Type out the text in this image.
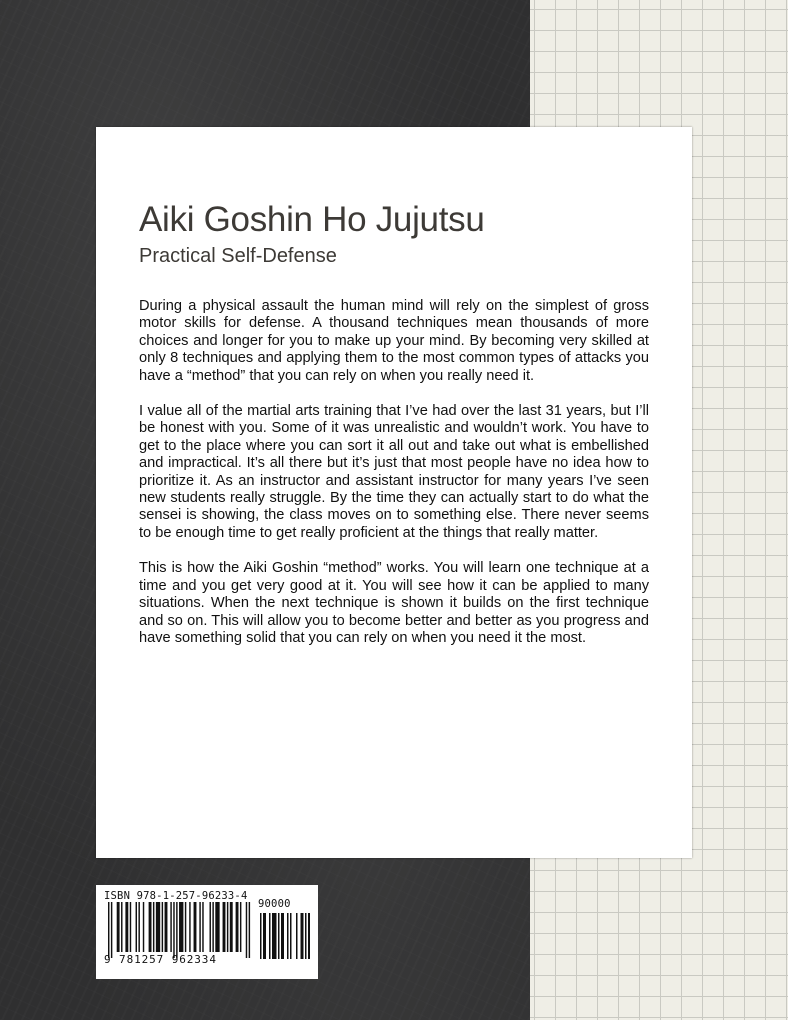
Aiki Goshin Ho Jujutsu
Practical Self-Defense

During a physical assault the human mind will rely on the simplest of gross motor skills for defense. A thousand techniques mean thousands of more choices and longer for you to make up your mind. By becoming very skilled at only 8 techniques and applying them to the most common types of attacks you have a “method” that you can rely on when you really need it.

I value all of the martial arts training that I’ve had over the last 31 years, but I’ll be honest with you. Some of it was unrealistic and wouldn’t work. You have to get to the place where you can sort it all out and take out what is embellished and impractical. It’s all there but it’s just that most people have no idea how to prioritize it. As an instructor and assistant instructor for many years I’ve seen new students really struggle. By the time they can actually start to do what the sensei is showing, the class moves on to something else. There never seems to be enough time to get really proficient at the things that really matter.

This is how the Aiki Goshin “method” works. You will learn one technique at a time and you get very good at it. You will see how it can be applied to many situations. When the next technique is shown it builds on the first technique and so on. This will allow you to become better and better as you progress and have something solid that you can rely on when you need it the most.

ISBN 978-1-257-96233-4
90000
9 781257 962334
